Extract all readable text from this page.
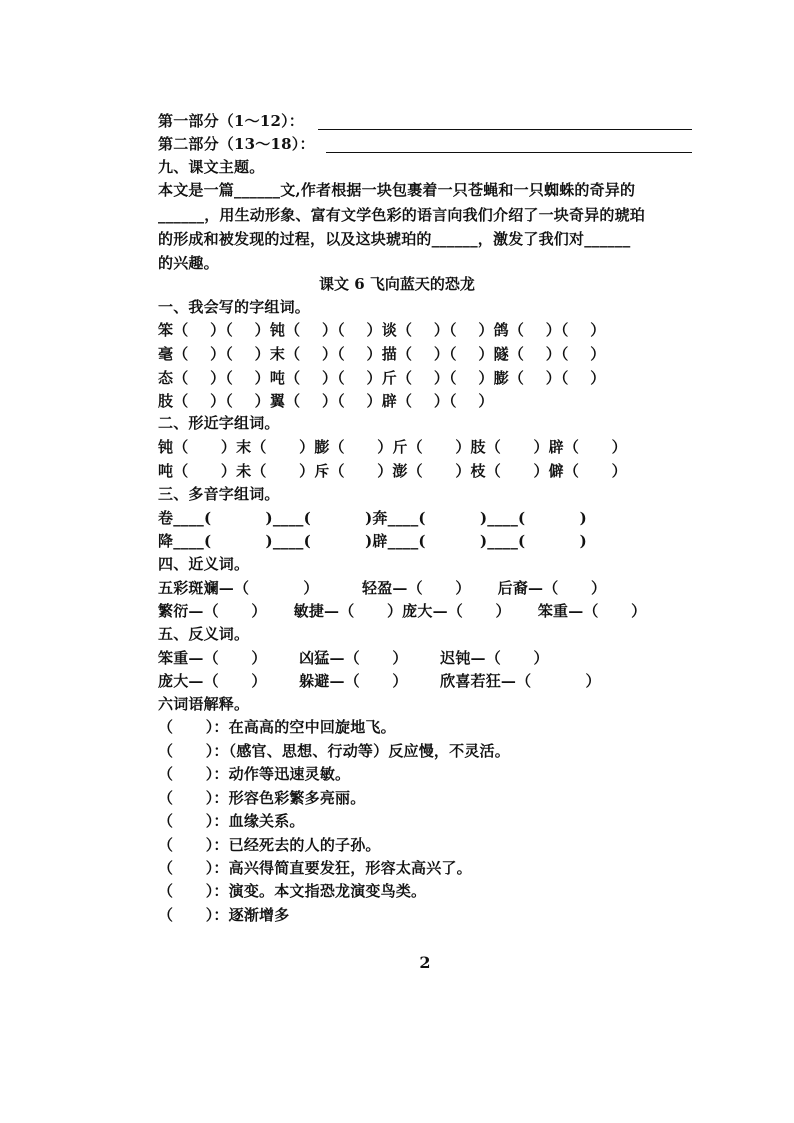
第一部分（1～12）：
第二部分（13～18）：
九、课文主题。
本文是一篇______文,作者根据一块包裹着一只苍蝇和一只蜘蛛的奇异的
______，用生动形象、富有文学色彩的语言向我们介绍了一块奇异的琥珀
的形成和被发现的过程，以及这块琥珀的______，激发了我们对______
的兴趣。
课文 6 飞向蓝天的恐龙
一、我会写的字组词。
笨（    ）（    ）钝（    ）（    ）谈（    ）（    ）鸽（    ）（    ）
毫（    ）（    ）末（    ）（    ）描（    ）（    ）隧（    ）（    ）
态（    ）（    ）吨（    ）（    ）斤（    ）（    ）膨（    ）（    ）
肢（    ）（    ）翼（    ）（    ）辟（    ）（    ）
二、形近字组词。
钝（      ）末（      ）膨（      ）斤（      ）肢（      ）辟（      ）
吨（      ）未（      ）斥（      ）澎（      ）枝（      ）僻（      ）
三、多音字组词。
卷____(          )____(          )奔____(          )____(          )
降____(          )____(          )辟____(          )____(          )
四、近义词。
五彩斑斓—（          ）        轻盈—（      ）     后裔—（      ）
繁衍—（      ）     敏捷—（      ）庞大—（      ）     笨重—（      ）
五、反义词。
笨重—（      ）      凶猛—（      ）      迟钝—（      ）
庞大—（      ）      躲避—（      ）      欣喜若狂—（          ）
六词语解释。
（      ）：在高高的空中回旋地飞。
（      ）：（感官、思想、行动等）反应慢，不灵活。
（      ）：动作等迅速灵敏。
（      ）：形容色彩繁多亮丽。
（      ）：血缘关系。
（      ）：已经死去的人的子孙。
（      ）：高兴得简直要发狂，形容太高兴了。
（      ）：演变。本文指恐龙演变鸟类。
（      ）：逐渐增多
2
